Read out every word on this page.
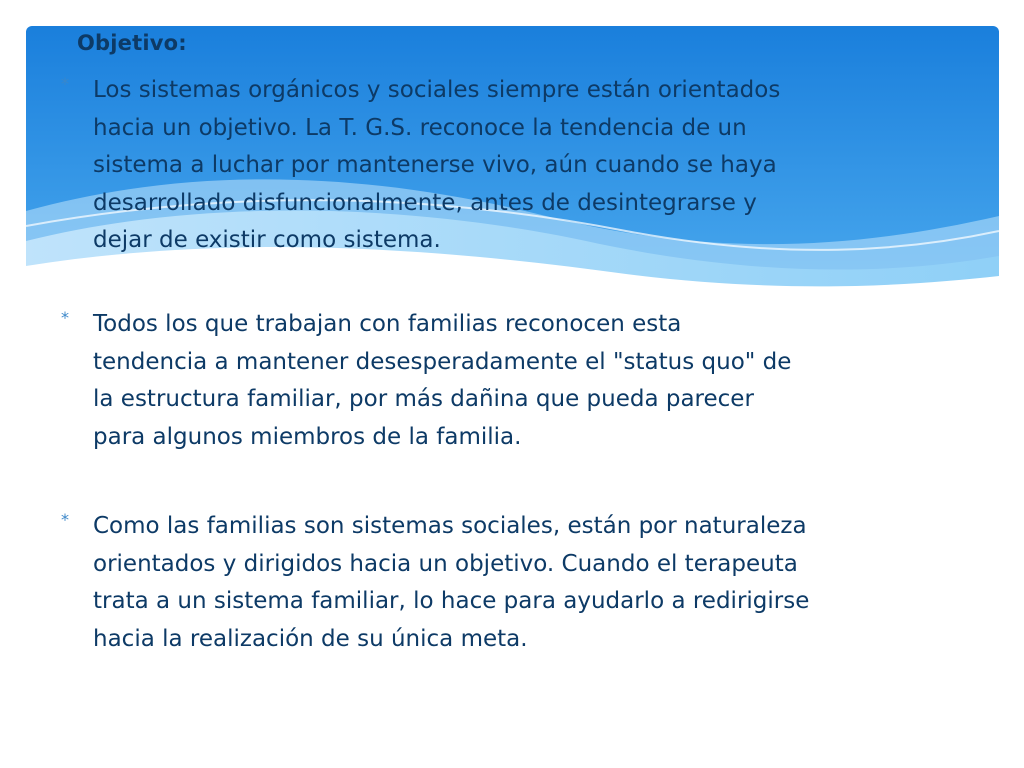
Objetivo:
*	Los sistemas orgánicos y sociales siempre están orientados
hacia un objetivo. La T. G.S. reconoce la tendencia de un
sistema a luchar por mantenerse vivo, aún cuando se haya
desarrollado disfuncionalmente, antes de desintegrarse y
dejar de existir como sistema.
*	Todos los que trabajan con familias reconocen esta
tendencia a mantener desesperadamente el "status quo" de
la estructura familiar, por más dañina que pueda parecer
para algunos miembros de la familia.
*	Como las familias son sistemas sociales, están por naturaleza
orientados y dirigidos hacia un objetivo. Cuando el terapeuta
trata a un sistema familiar, lo hace para ayudarlo a redirigirse
hacia la realización de su única meta.
